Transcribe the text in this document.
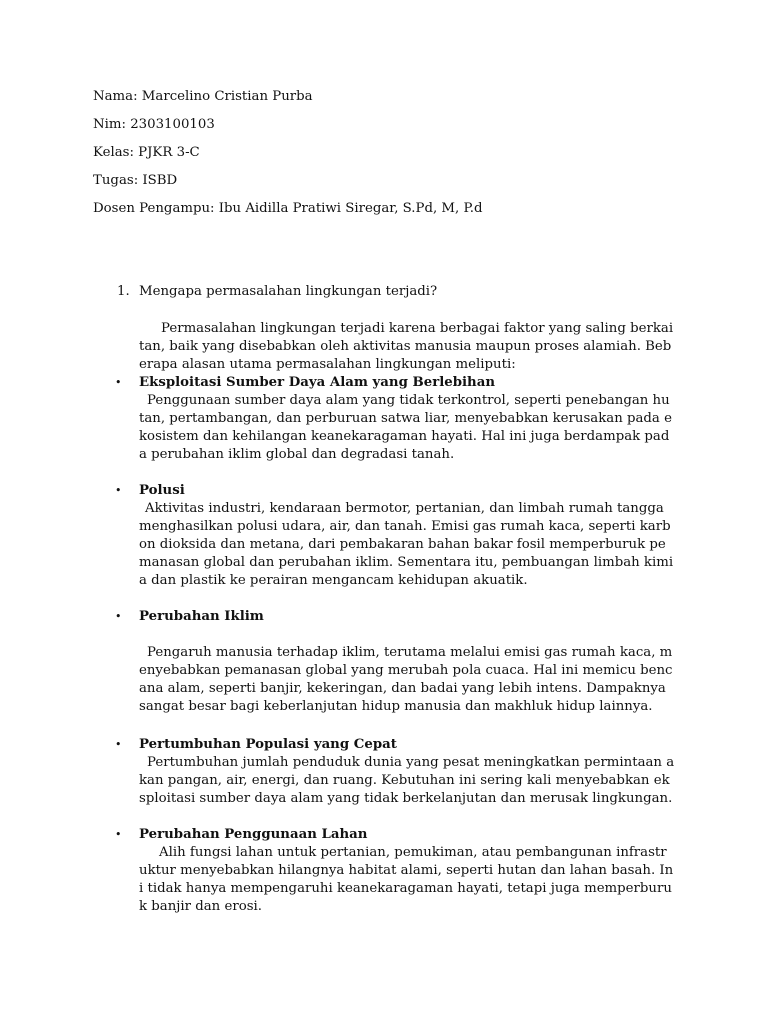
Nama: Marcelino Cristian Purba

Nim: 2303100103

Kelas: PJKR 3-C

Tugas: ISBD

Dosen Pengampu: Ibu Aidilla Pratiwi Siregar, S.Pd, M, P.d

1. Mengapa permasalahan lingkungan terjadi?

Permasalahan lingkungan terjadi karena berbagai faktor yang saling berkaitan, baik yang disebabkan oleh aktivitas manusia maupun proses alamiah. Beberapa alasan utama permasalahan lingkungan meliputi:

• Eksploitasi Sumber Daya Alam yang Berlebihan

Penggunaan sumber daya alam yang tidak terkontrol, seperti penebangan hutan, pertambangan, dan perburuan satwa liar, menyebabkan kerusakan pada ekosistem dan kehilangan keanekaragaman hayati. Hal ini juga berdampak pada perubahan iklim global dan degradasi tanah.

• Polusi

Aktivitas industri, kendaraan bermotor, pertanian, dan limbah rumah tangga menghasilkan polusi udara, air, dan tanah. Emisi gas rumah kaca, seperti karbon dioksida dan metana, dari pembakaran bahan bakar fosil memperburuk pemanasan global dan perubahan iklim. Sementara itu, pembuangan limbah kimia dan plastik ke perairan mengancam kehidupan akuatik.

• Perubahan Iklim

Pengaruh manusia terhadap iklim, terutama melalui emisi gas rumah kaca, menyebabkan pemanasan global yang merubah pola cuaca. Hal ini memicu bencana alam, seperti banjir, kekeringan, dan badai yang lebih intens. Dampaknya sangat besar bagi keberlanjutan hidup manusia dan makhluk hidup lainnya.

• Pertumbuhan Populasi yang Cepat

Pertumbuhan jumlah penduduk dunia yang pesat meningkatkan permintaan akan pangan, air, energi, dan ruang. Kebutuhan ini sering kali menyebabkan eksploitasi sumber daya alam yang tidak berkelanjutan dan merusak lingkungan.

• Perubahan Penggunaan Lahan

Alih fungsi lahan untuk pertanian, pemukiman, atau pembangunan infrastruktur menyebabkan hilangnya habitat alami, seperti hutan dan lahan basah. Ini tidak hanya mempengaruhi keanekaragaman hayati, tetapi juga memperburuk banjir dan erosi.
